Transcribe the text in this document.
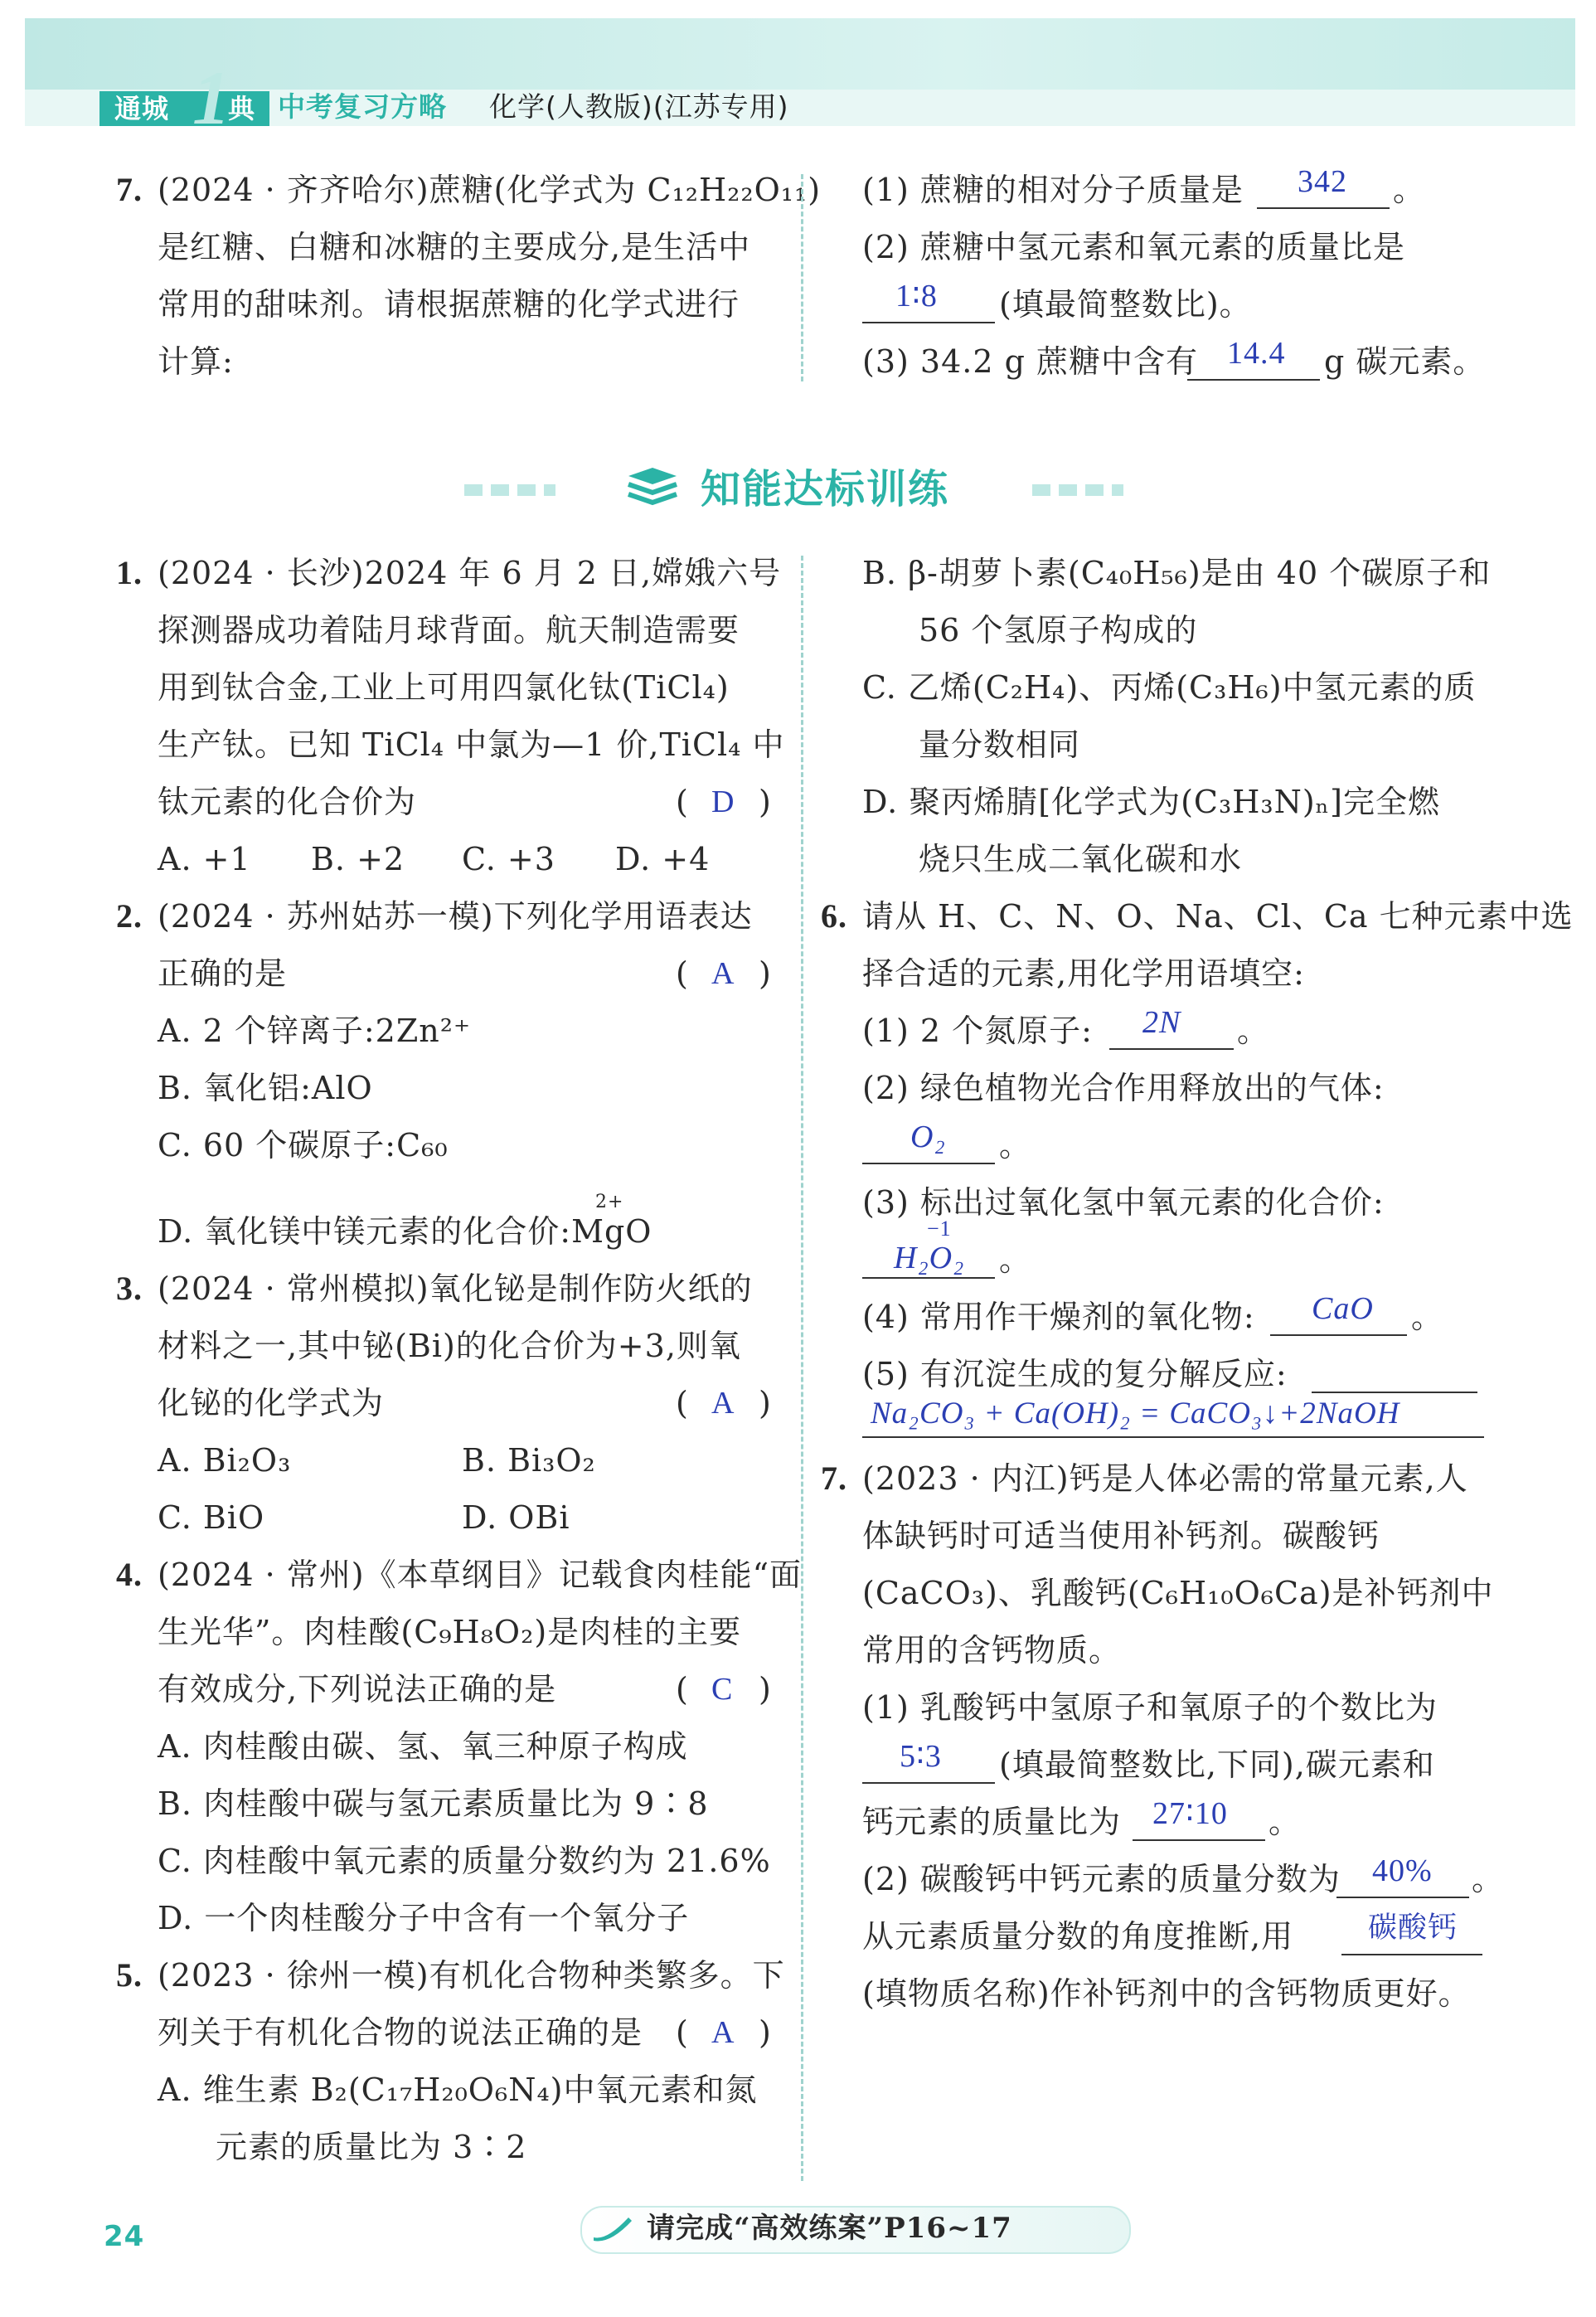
通城 1
典 中考复习方略 化学(人教版)(江苏专用)
7. (2024 · 齐齐哈尔)蔗糖(化学式为 C₁₂H₂₂O₁₁)
是红糖、白糖和冰糖的主要成分,是生活中
常用的甜味剂。请根据蔗糖的化学式进行
计算:
(1) 蔗糖的相对分子质量是 342 。
(2) 蔗糖中氢元素和氧元素的质量比是
1∶8 (填最简整数比)。
(3) 34.2 g 蔗糖中含有 14.4 g 碳元素。
知能达标训练
1. (2024 · 长沙)2024 年 6 月 2 日,嫦娥六号
探测器成功着陆月球背面。航天制造需要
用到钛合金,工业上可用四氯化钛(TiCl₄)
生产钛。已知 TiCl₄ 中氯为—1 价,TiCl₄ 中
钛元素的化合价为	( D )
A. +1 B. +2 C. +3 D. +4
2. (2024 · 苏州姑苏一模)下列化学用语表达
正确的是	( A )
A. 2 个锌离子:2Zn²⁺
B. 氧化铝:AlO
C. 60 个碳原子:C₆₀
D. 氧化镁中镁元素的化合价:MgO
2+
3. (2024 · 常州模拟)氧化铋是制作防火纸的
材料之一,其中铋(Bi)的化合价为+3,则氧
化铋的化学式为	( A )
A. Bi₂O₃	B. Bi₃O₂
C. BiO	D. OBi
4. (2024 · 常州)《本草纲目》记载食肉桂能“面
生光华”。肉桂酸(C₉H₈O₂)是肉桂的主要
有效成分,下列说法正确的是	( C )
A. 肉桂酸由碳、氢、氧三种原子构成
B. 肉桂酸中碳与氢元素质量比为 9∶8
C. 肉桂酸中氧元素的质量分数约为 21.6%
D. 一个肉桂酸分子中含有一个氧分子
5. (2023 · 徐州一模)有机化合物种类繁多。下
列关于有机化合物的说法正确的是 ( A )
A. 维生素 B₂(C₁₇H₂₀O₆N₄)中氧元素和氮
元素的质量比为 3∶2
B. β-胡萝卜素(C₄₀H₅₆)是由 40 个碳原子和
56 个氢原子构成的
C. 乙烯(C₂H₄)、丙烯(C₃H₆)中氢元素的质
量分数相同
D. 聚丙烯腈[化学式为(C₃H₃N)ₙ]完全燃
烧只生成二氧化碳和水
6. 请从 H、C、N、O、Na、Cl、Ca 七种元素中选
择合适的元素,用化学用语填空:
(1) 2 个氮原子: 2N 。
(2) 绿色植物光合作用释放出的气体:
O₂ 。
(3) 标出过氧化氢中氧元素的化合价:
−1
H₂O₂ 。
(4) 常用作干燥剂的氧化物: CaO 。
(5) 有沉淀生成的复分解反应:
Na₂CO₃ + Ca(OH)₂ = CaCO₃↓+2NaOH
7. (2023 · 内江)钙是人体必需的常量元素,人
体缺钙时可适当使用补钙剂。碳酸钙
(CaCO₃)、乳酸钙(C₆H₁₀O₆Ca)是补钙剂中
常用的含钙物质。
(1) 乳酸钙中氢原子和氧原子的个数比为
5∶3 (填最简整数比,下同),碳元素和
钙元素的质量比为 27∶10 。
(2) 碳酸钙中钙元素的质量分数为 40% 。
从元素质量分数的角度推断,用	碳酸钙
(填物质名称)作补钙剂中的含钙物质更好。
24	请完成“高效练案”P16~17
